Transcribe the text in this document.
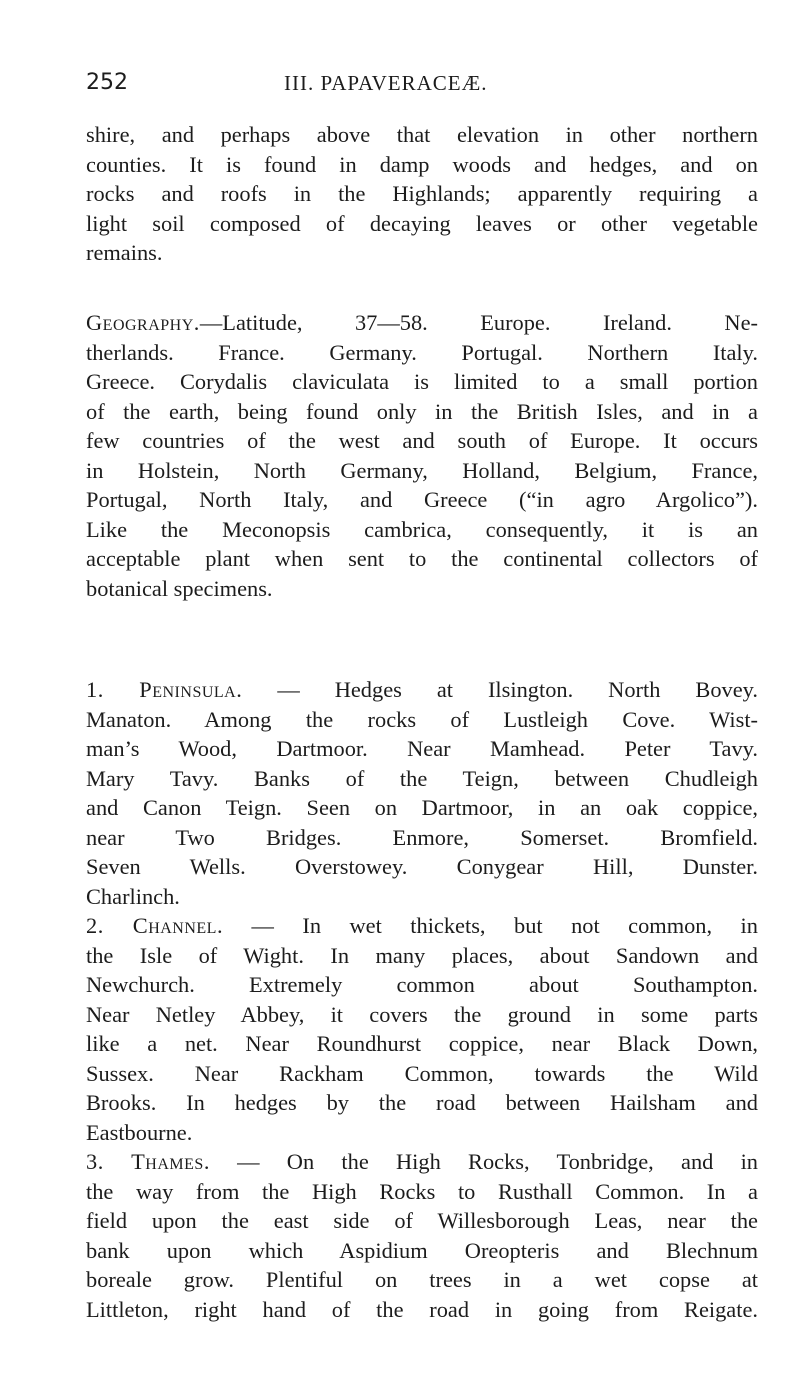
252	III. PAPAVERACEÆ.
shire, and perhaps above that elevation in other northern
counties. It is found in damp woods and hedges, and on
rocks and roofs in the Highlands; apparently requiring a
light soil composed of decaying leaves or other vegetable
remains.
Geography.—Latitude, 37—58. Europe. Ireland. Ne-
therlands. France. Germany. Portugal. Northern Italy.
Greece. Corydalis claviculata is limited to a small portion
of the earth, being found only in the British Isles, and in a
few countries of the west and south of Europe. It occurs
in Holstein, North Germany, Holland, Belgium, France,
Portugal, North Italy, and Greece (“in agro Argolico”).
Like the Meconopsis cambrica, consequently, it is an
acceptable plant when sent to the continental collectors of
botanical specimens.
1. Peninsula. — Hedges at Ilsington. North Bovey.
Manaton. Among the rocks of Lustleigh Cove. Wist-
man’s Wood, Dartmoor. Near Mamhead. Peter Tavy.
Mary Tavy. Banks of the Teign, between Chudleigh
and Canon Teign. Seen on Dartmoor, in an oak coppice,
near Two Bridges. Enmore, Somerset. Bromfield.
Seven Wells. Overstowey. Conygear Hill, Dunster.
Charlinch.
2. Channel. — In wet thickets, but not common, in
the Isle of Wight. In many places, about Sandown and
Newchurch. Extremely common about Southampton.
Near Netley Abbey, it covers the ground in some parts
like a net. Near Roundhurst coppice, near Black Down,
Sussex. Near Rackham Common, towards the Wild
Brooks. In hedges by the road between Hailsham and
Eastbourne.
3. Thames. — On the High Rocks, Tonbridge, and in
the way from the High Rocks to Rusthall Common. In a
field upon the east side of Willesborough Leas, near the
bank upon which Aspidium Oreopteris and Blechnum
boreale grow. Plentiful on trees in a wet copse at
Littleton, right hand of the road in going from Reigate.
